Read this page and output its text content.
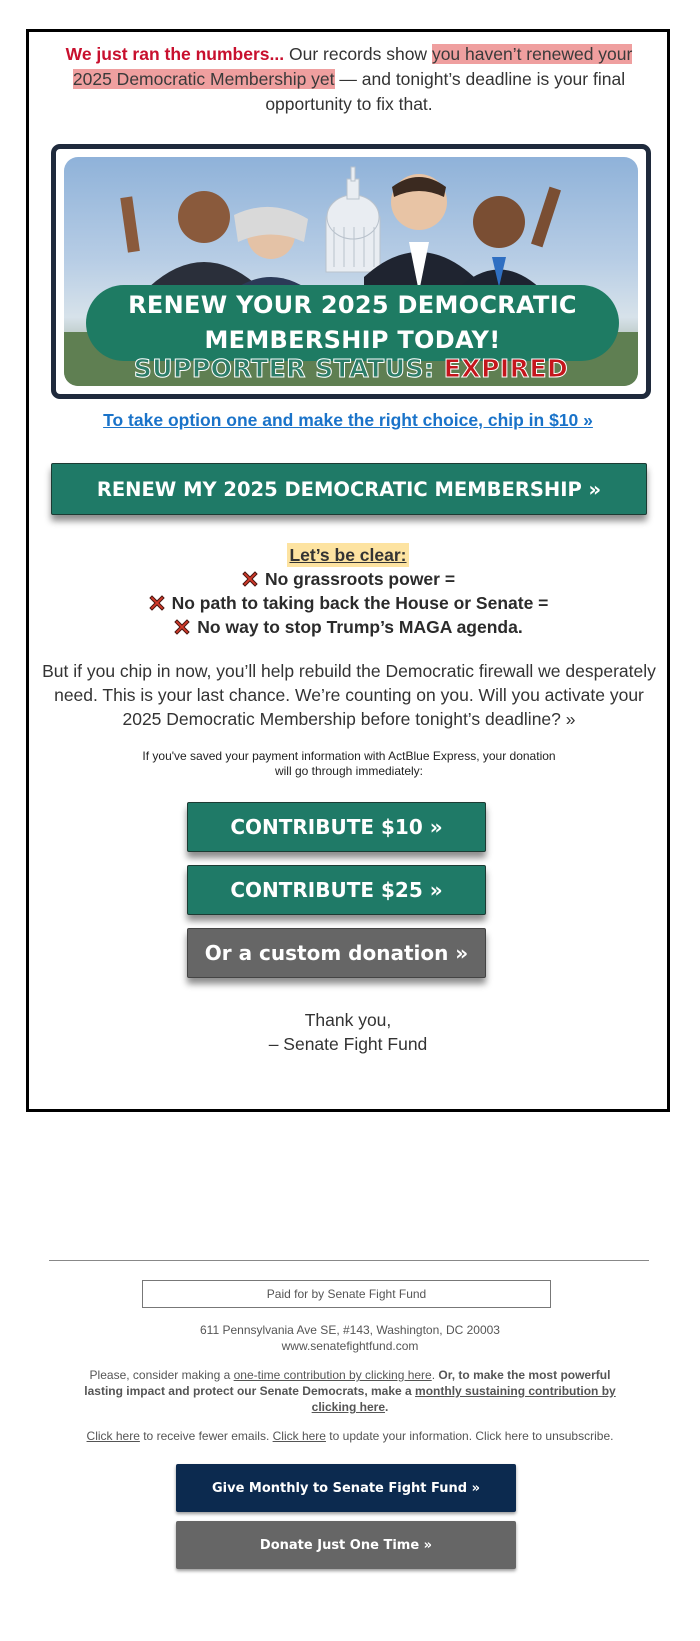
We just ran the numbers... Our records show you haven’t renewed your 2025 Democratic Membership yet — and tonight’s deadline is your final opportunity to fix that.
RENEW YOUR 2025 DEMOCRATIC
MEMBERSHIP TODAY!
SUPPORTER STATUS: EXPIRED
To take option one and make the right choice, chip in $10 »
RENEW MY 2025 DEMOCRATIC MEMBERSHIP »
Let’s be clear:
No grassroots power =
No path to taking back the House or Senate =
No way to stop Trump’s MAGA agenda.
But if you chip in now, you’ll help rebuild the Democratic firewall we desperately need. This is your last chance. We’re counting on you. Will you activate your 2025 Democratic Membership before tonight’s deadline? »
If you've saved your payment information with ActBlue Express, your donation
will go through immediately:
CONTRIBUTE $10 »
CONTRIBUTE $25 »
Or a custom donation »
Thank you,
– Senate Fight Fund
Paid for by Senate Fight Fund
611 Pennsylvania Ave SE, #143, Washington, DC 20003
www.senatefightfund.com
Please, consider making a one-time contribution by clicking here. Or, to make the most powerful lasting impact and protect our Senate Democrats, make a monthly sustaining contribution by clicking here.
Click here to receive fewer emails. Click here to update your information. Click here to unsubscribe.
Give Monthly to Senate Fight Fund »
Donate Just One Time »
